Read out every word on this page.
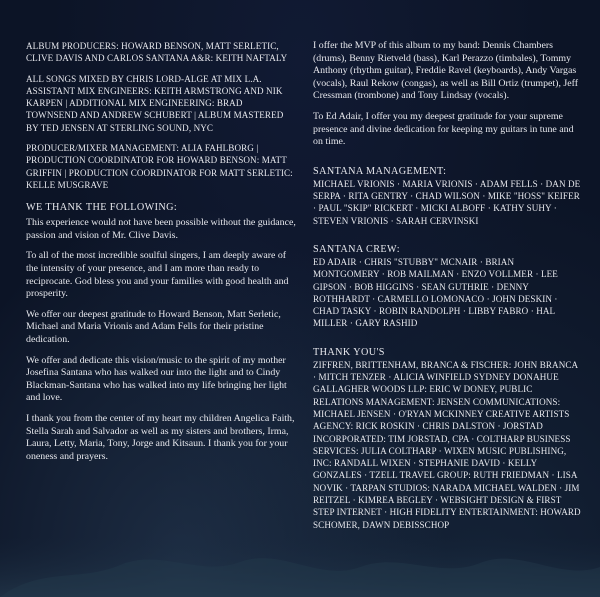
ALBUM PRODUCERS: HOWARD BENSON, MATT SERLETIC, CLIVE DAVIS AND CARLOS SANTANA A&R: KEITH NAFTALY

ALL SONGS MIXED BY CHRIS LORD-ALGE AT MIX L.A. ASSISTANT MIX ENGINEERS: KEITH ARMSTRONG AND NIK KARPEN | ADDITIONAL MIX ENGINEERING: BRAD TOWNSEND AND ANDREW SCHUBERT | ALBUM MASTERED BY TED JENSEN AT STERLING SOUND, NYC

PRODUCER/MIXER MANAGEMENT: ALIA FAHLBORG | PRODUCTION COORDINATOR FOR HOWARD BENSON: MATT GRIFFIN | PRODUCTION COORDINATOR FOR MATT SERLETIC: KELLE MUSGRAVE

WE THANK THE FOLLOWING:

This experience would not have been possible without the guidance, passion and vision of Mr. Clive Davis.

To all of the most incredible soulful singers, I am deeply aware of the intensity of your presence, and I am more than ready to reciprocate. God bless you and your families with good health and prosperity.

We offer our deepest gratitude to Howard Benson, Matt Serletic, Michael and Maria Vrionis and Adam Fells for their pristine dedication.

We offer and dedicate this vision/music to the spirit of my mother Josefina Santana who has walked our into the light and to Cindy Blackman-Santana who has walked into my life bringing her light and love.

I thank you from the center of my heart my children Angelica Faith, Stella Sarah and Salvador as well as my sisters and brothers, Irma, Laura, Letty, Maria, Tony, Jorge and Kitsaun. I thank you for your oneness and prayers.

I offer the MVP of this album to my band: Dennis Chambers (drums), Benny Rietveld (bass), Karl Perazzo (timbales), Tommy Anthony (rhythm guitar), Freddie Ravel (keyboards), Andy Vargas (vocals), Raul Rekow (congas), as well as Bill Ortiz (trumpet), Jeff Cressman (trombone) and Tony Lindsay (vocals).

To Ed Adair, I offer you my deepest gratitude for your supreme presence and divine dedication for keeping my guitars in tune and on time.

SANTANA MANAGEMENT:

MICHAEL VRIONIS · MARIA VRIONIS · ADAM FELLS · DAN DE SERPA · RITA GENTRY · CHAD WILSON · MIKE "HOSS" KEIFER · PAUL "SKIP" RICKERT · MICKI ALBOFF · KATHY SUHY · STEVEN VRIONIS · SARAH CERVINSKI

SANTANA CREW:

ED ADAIR · CHRIS "STUBBY" MCNAIR · BRIAN MONTGOMERY · ROB MAILMAN · ENZO VOLLMER · LEE GIPSON · BOB HIGGINS · SEAN GUTHRIE · DENNY ROTHHARDT · CARMELLO LOMONACO · JOHN DESKIN · CHAD TASKY · ROBIN RANDOLPH · LIBBY FABRO · HAL MILLER · GARY RASHID

THANK YOU'S

ZIFFREN, BRITTENHAM, BRANCA & FISCHER: JOHN BRANCA · MITCH TENZER · ALICIA WINFIELD SYDNEY DONAHUE GALLAGHER WOODS LLP: ERIC W DONEY, PUBLIC RELATIONS MANAGEMENT: JENSEN COMMUNICATIONS: MICHAEL JENSEN · O'RYAN MCKINNEY CREATIVE ARTISTS AGENCY: RICK ROSKIN · CHRIS DALSTON · JORSTAD INCORPORATED: TIM JORSTAD, CPA · COLTHARP BUSINESS SERVICES: JULIA COLTHARP · WIXEN MUSIC PUBLISHING, INC: RANDALL WIXEN · STEPHANIE DAVID · KELLY GONZALES · TZELL TRAVEL GROUP: RUTH FRIEDMAN · LISA NOVIK · TARPAN STUDIOS: NARADA MICHAEL WALDEN · JIM REITZEL · KIMREA BEGLEY · WEBSIGHT DESIGN & FIRST STEP INTERNET · HIGH FIDELITY ENTERTAINMENT: HOWARD SCHOMER, DAWN DEBISSCHOP
